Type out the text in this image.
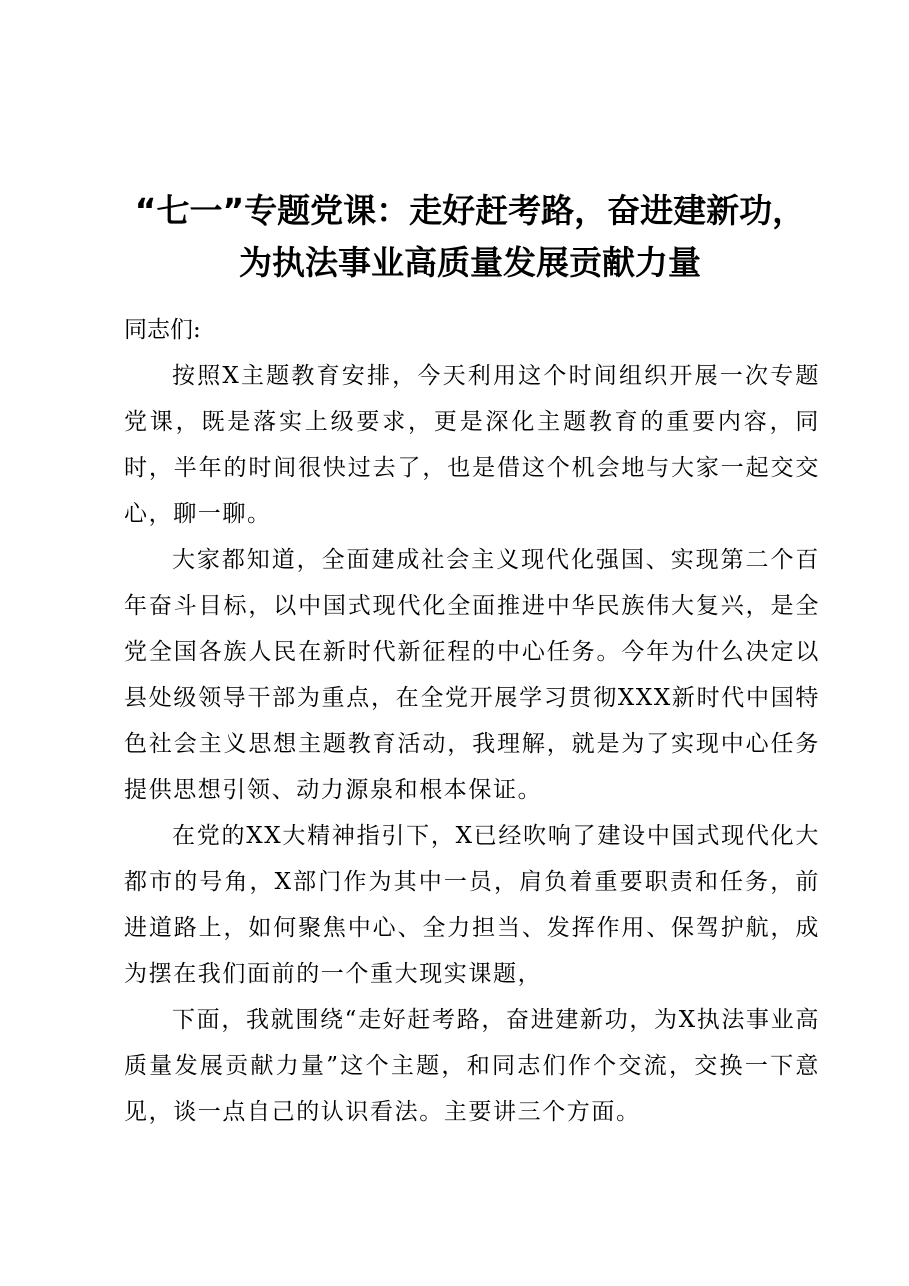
“七一”专题党课：走好赶考路，奋进建新功，
为执法事业高质量发展贡献力量

同志们:

按照X主题教育安排，今天利用这个时间组织开展一次专题党课，既是落实上级要求，更是深化主题教育的重要内容，同时，半年的时间很快过去了，也是借这个机会地与大家一起交交心，聊一聊。

大家都知道，全面建成社会主义现代化强国、实现第二个百年奋斗目标，以中国式现代化全面推进中华民族伟大复兴，是全党全国各族人民在新时代新征程的中心任务。今年为什么决定以县处级领导干部为重点，在全党开展学习贯彻XXX新时代中国特色社会主义思想主题教育活动，我理解，就是为了实现中心任务提供思想引领、动力源泉和根本保证。

在党的XX大精神指引下，X已经吹响了建设中国式现代化大都市的号角，X部门作为其中一员，肩负着重要职责和任务，前进道路上，如何聚焦中心、全力担当、发挥作用、保驾护航，成为摆在我们面前的一个重大现实课题，

下面，我就围绕“走好赶考路，奋进建新功，为X执法事业高质量发展贡献力量”这个主题，和同志们作个交流，交换一下意见，谈一点自己的认识看法。主要讲三个方面。
